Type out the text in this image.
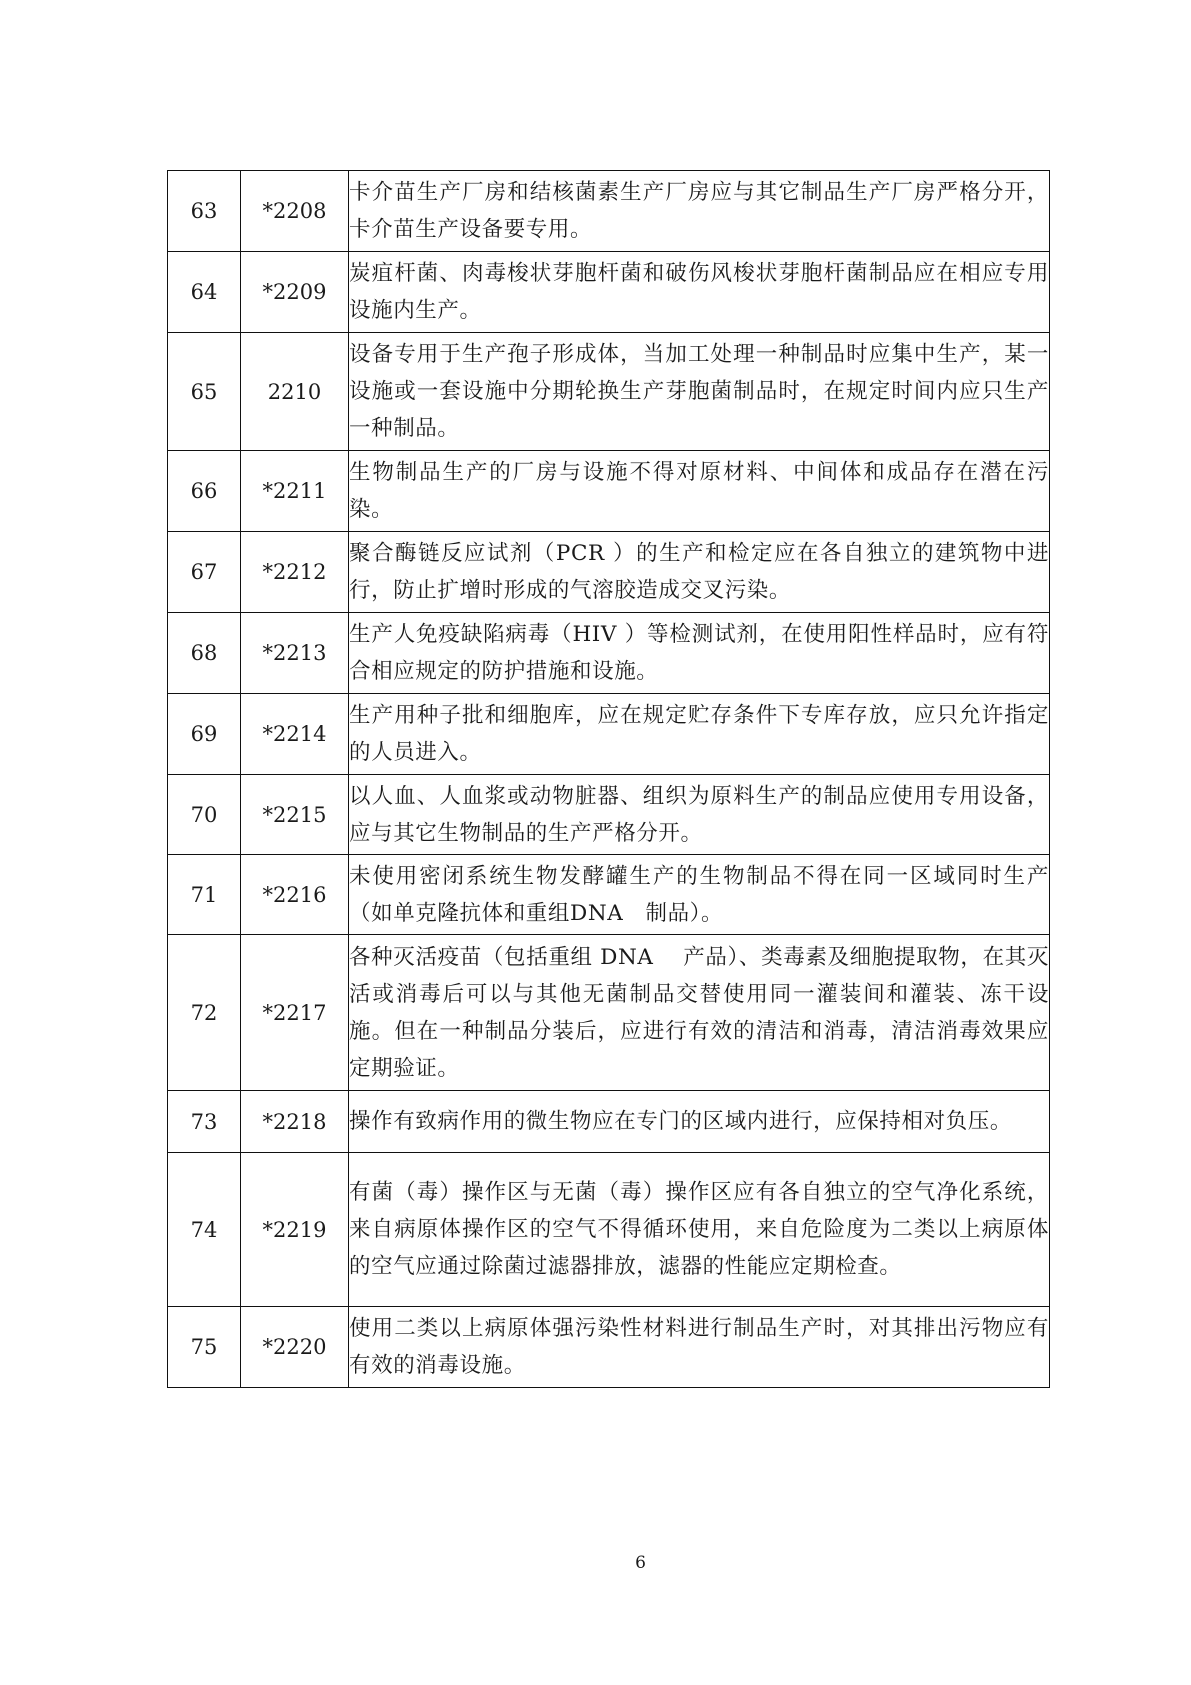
63	*2208	卡介苗生产厂房和结核菌素生产厂房应与其它制品生产厂房严格分开，卡介苗生产设备要专用。
64	*2209	炭疽杆菌、肉毒梭状芽胞杆菌和破伤风梭状芽胞杆菌制品应在相应专用设施内生产。
65	2210	设备专用于生产孢子形成体，当加工处理一种制品时应集中生产，某一设施或一套设施中分期轮换生产芽胞菌制品时，在规定时间内应只生产一种制品。
66	*2211	生物制品生产的厂房与设施不得对原材料、中间体和成品存在潜在污染。
67	*2212	聚合酶链反应试剂（PCR ）的生产和检定应在各自独立的建筑物中进行，防止扩增时形成的气溶胶造成交叉污染。
68	*2213	生产人免疫缺陷病毒（HIV ）等检测试剂，在使用阳性样品时，应有符合相应规定的防护措施和设施。
69	*2214	生产用种子批和细胞库，应在规定贮存条件下专库存放，应只允许指定的人员进入。
70	*2215	以人血、人血浆或动物脏器、组织为原料生产的制品应使用专用设备，应与其它生物制品的生产严格分开。
71	*2216	未使用密闭系统生物发酵罐生产的生物制品不得在同一区域同时生产（如单克隆抗体和重组DNA　制品）。
72	*2217	各种灭活疫苗（包括重组 DNA　 产品）、类毒素及细胞提取物，在其灭活或消毒后可以与其他无菌制品交替使用同一灌装间和灌装、冻干设施。但在一种制品分装后，应进行有效的清洁和消毒，清洁消毒效果应定期验证。
73	*2218	操作有致病作用的微生物应在专门的区域内进行，应保持相对负压。
74	*2219	有菌（毒）操作区与无菌（毒）操作区应有各自独立的空气净化系统，来自病原体操作区的空气不得循环使用，来自危险度为二类以上病原体的空气应通过除菌过滤器排放，滤器的性能应定期检查。
75	*2220	使用二类以上病原体强污染性材料进行制品生产时，对其排出污物应有有效的消毒设施。
6
